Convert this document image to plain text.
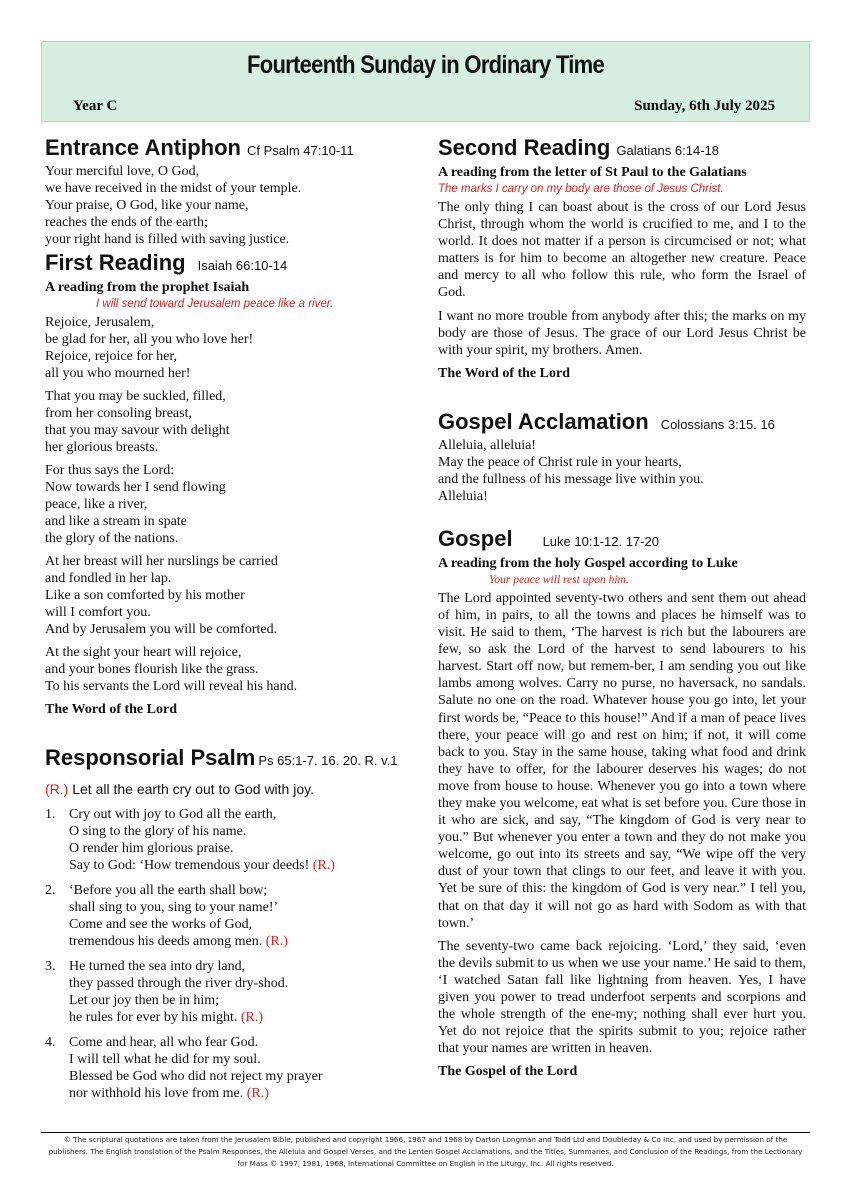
Fourteenth Sunday in Ordinary Time
Year C	Sunday, 6th July 2025
Entrance Antiphon Cf Psalm 47:10-11

Your merciful love, O God,
we have received in the midst of your temple.
Your praise, O God, like your name,
reaches the ends of the earth;
your right hand is filled with saving justice.

First Reading Isaiah 66:10-14

A reading from the prophet Isaiah

I will send toward Jerusalem peace like a river.

Rejoice, Jerusalem,
be glad for her, all you who love her!
Rejoice, rejoice for her,
all you who mourned her!

That you may be suckled, filled,
from her consoling breast,
that you may savour with delight
her glorious breasts.

For thus says the Lord:
Now towards her I send flowing
peace, like a river,
and like a stream in spate
the glory of the nations.

At her breast will her nurslings be carried
and fondled in her lap.
Like a son comforted by his mother
will I comfort you.
And by Jerusalem you will be comforted.

At the sight your heart will rejoice,
and your bones flourish like the grass.
To his servants the Lord will reveal his hand.

The Word of the Lord

Responsorial Psalm Ps 65:1-7. 16. 20. R. v.1

(R.) Let all the earth cry out to God with joy.

1. Cry out with joy to God all the earth,
O sing to the glory of his name.
O render him glorious praise.
Say to God: ‘How tremendous your deeds! (R.)
2. ‘Before you all the earth shall bow;
shall sing to you, sing to your name!’
Come and see the works of God,
tremendous his deeds among men. (R.)
3. He turned the sea into dry land,
they passed through the river dry-shod.
Let our joy then be in him;
he rules for ever by his might. (R.)
4. Come and hear, all who fear God.
I will tell what he did for my soul.
Blessed be God who did not reject my prayer
nor withhold his love from me. (R.)
Second Reading Galatians 6:14-18

A reading from the letter of St Paul to the Galatians

The marks I carry on my body are those of Jesus Christ.

The only thing I can boast about is the cross of our Lord Jesus Christ, through whom the world is crucified to me, and I to the world. It does not matter if a person is circumcised or not; what matters is for him to become an altogether new creature. Peace and mercy to all who follow this rule, who form the Israel of God.

I want no more trouble from anybody after this; the marks on my body are those of Jesus. The grace of our Lord Jesus Christ be with your spirit, my brothers. Amen.

The Word of the Lord

Gospel Acclamation Colossians 3:15. 16

Alleluia, alleluia!
May the peace of Christ rule in your hearts,
and the fullness of his message live within you.
Alleluia!

Gospel Luke 10:1-12. 17-20

A reading from the holy Gospel according to Luke

Your peace will rest upon him.

The Lord appointed seventy-two others and sent them out ahead of him, in pairs, to all the towns and places he himself was to visit. He said to them, ‘The harvest is rich but the labourers are few, so ask the Lord of the harvest to send labourers to his harvest. Start off now, but remem-ber, I am sending you out like lambs among wolves. Carry no purse, no haversack, no sandals. Salute no one on the road. Whatever house you go into, let your first words be, “Peace to this house!” And if a man of peace lives there, your peace will go and rest on him; if not, it will come back to you. Stay in the same house, taking what food and drink they have to offer, for the labourer deserves his wages; do not move from house to house. Whenever you go into a town where they make you welcome, eat what is set before you. Cure those in it who are sick, and say, “The kingdom of God is very near to you.” But whenever you enter a town and they do not make you welcome, go out into its streets and say, “We wipe off the very dust of your town that clings to our feet, and leave it with you. Yet be sure of this: the kingdom of God is very near.” I tell you, that on that day it will not go as hard with Sodom as with that town.’

The seventy-two came back rejoicing. ‘Lord,’ they said, ‘even the devils submit to us when we use your name.’ He said to them, ‘I watched Satan fall like lightning from heaven. Yes, I have given you power to tread underfoot serpents and scorpions and the whole strength of the ene-my; nothing shall ever hurt you. Yet do not rejoice that the spirits submit to you; rejoice rather that your names are written in heaven.

The Gospel of the Lord

© The scriptural quotations are taken from the Jerusalem Bible, published and copyright 1966, 1967 and 1968 by Darton Longman and Todd Ltd and Doubleday & Co Inc, and used by permission of the publishers. The English translation of the Psalm Responses, the Alleluia and Gospel Verses, and the Lenten Gospel Acclamations, and the Titles, Summaries, and Conclusion of the Readings, from the Lectionary for Mass © 1997, 1981, 1968, International Committee on English in the Liturgy, Inc. All rights reserved.
